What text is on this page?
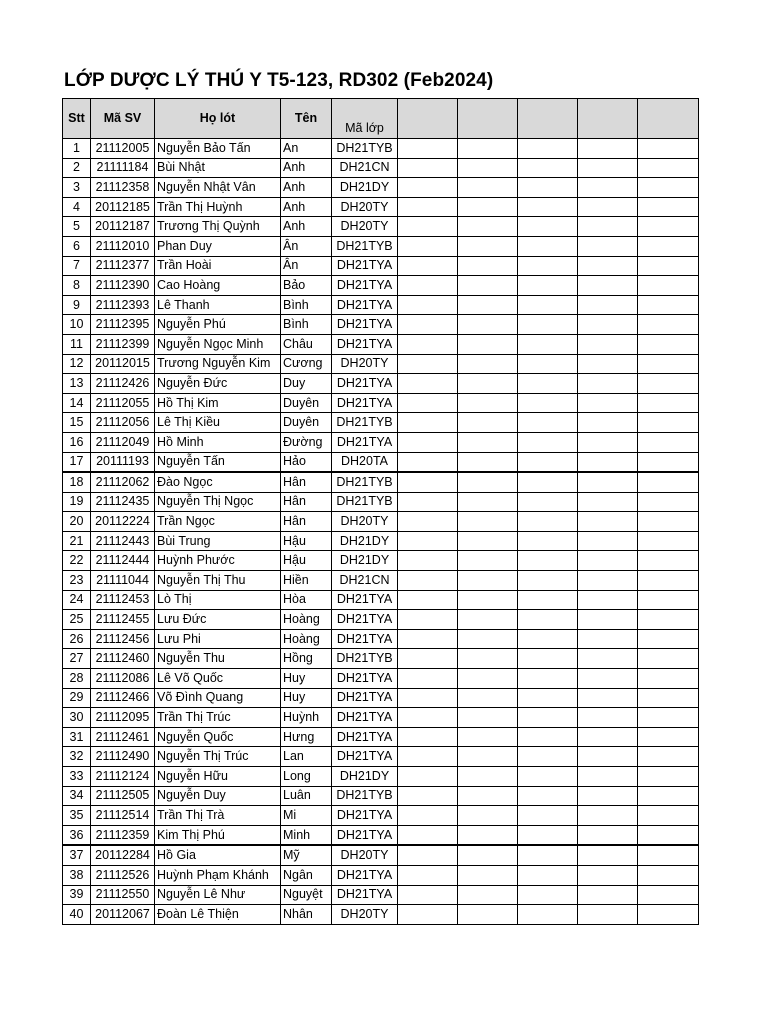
LỚP DƯỢC LÝ THÚ Y T5-123, RD302 (Feb2024)
Stt	Mã SV	Họ lót	Tên	Mã lớp					
1	21112005	Nguyễn Bảo Tấn	An	DH21TYB					
2	21111184	Bùi Nhật	Anh	DH21CN					
3	21112358	Nguyễn Nhật Vân	Anh	DH21DY					
4	20112185	Trần Thị Huỳnh	Anh	DH20TY					
5	20112187	Trương Thị Quỳnh	Anh	DH20TY					
6	21112010	Phan Duy	Ân	DH21TYB					
7	21112377	Trần Hoài	Ân	DH21TYA					
8	21112390	Cao Hoàng	Bảo	DH21TYA					
9	21112393	Lê Thanh	Bình	DH21TYA					
10	21112395	Nguyễn Phú	Bình	DH21TYA					
11	21112399	Nguyễn Ngọc Minh	Châu	DH21TYA					
12	20112015	Trương Nguyễn Kim	Cương	DH20TY					
13	21112426	Nguyễn Đức	Duy	DH21TYA					
14	21112055	Hồ Thị Kim	Duyên	DH21TYA					
15	21112056	Lê Thị Kiều	Duyên	DH21TYB					
16	21112049	Hồ Minh	Đường	DH21TYA					
17	20111193	Nguyễn Tấn	Hảo	DH20TA					
18	21112062	Đào Ngọc	Hân	DH21TYB					
19	21112435	Nguyễn Thị Ngọc	Hân	DH21TYB					
20	20112224	Trần Ngọc	Hân	DH20TY					
21	21112443	Bùi Trung	Hậu	DH21DY					
22	21112444	Huỳnh Phước	Hậu	DH21DY					
23	21111044	Nguyễn Thị Thu	Hiền	DH21CN					
24	21112453	Lò Thị	Hòa	DH21TYA					
25	21112455	Lưu Đức	Hoàng	DH21TYA					
26	21112456	Lưu Phi	Hoàng	DH21TYA					
27	21112460	Nguyễn Thu	Hồng	DH21TYB					
28	21112086	Lê Võ Quốc	Huy	DH21TYA					
29	21112466	Võ Đình Quang	Huy	DH21TYA					
30	21112095	Trần Thị Trúc	Huỳnh	DH21TYA					
31	21112461	Nguyễn Quốc	Hưng	DH21TYA					
32	21112490	Nguyễn Thị Trúc	Lan	DH21TYA					
33	21112124	Nguyễn Hữu	Long	DH21DY					
34	21112505	Nguyễn Duy	Luân	DH21TYB					
35	21112514	Trần Thị Trà	Mi	DH21TYA					
36	21112359	Kim Thị Phú	Minh	DH21TYA					
37	20112284	Hồ Gia	Mỹ	DH20TY					
38	21112526	Huỳnh Phạm Khánh	Ngân	DH21TYA					
39	21112550	Nguyễn Lê Như	Nguyệt	DH21TYA					
40	20112067	Đoàn Lê Thiện	Nhân	DH20TY					
